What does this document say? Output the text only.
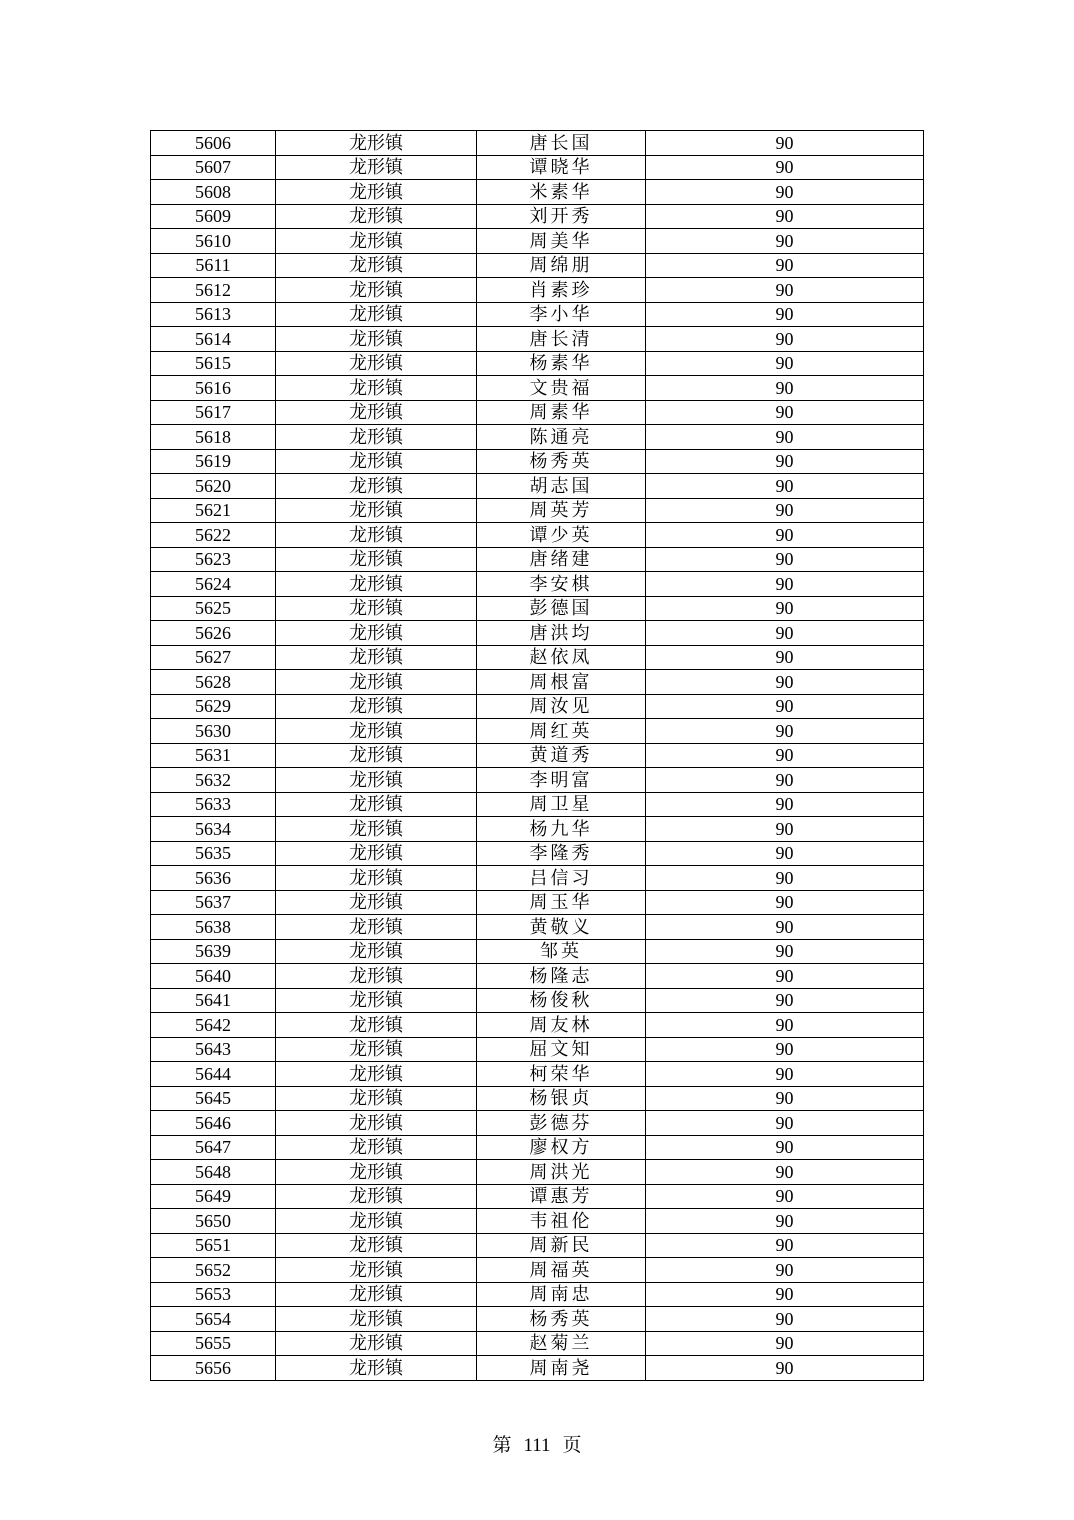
5606	龙形镇	唐长国	90
5607	龙形镇	谭晓华	90
5608	龙形镇	米素华	90
5609	龙形镇	刘开秀	90
5610	龙形镇	周美华	90
5611	龙形镇	周绵朋	90
5612	龙形镇	肖素珍	90
5613	龙形镇	李小华	90
5614	龙形镇	唐长清	90
5615	龙形镇	杨素华	90
5616	龙形镇	文贵福	90
5617	龙形镇	周素华	90
5618	龙形镇	陈通亮	90
5619	龙形镇	杨秀英	90
5620	龙形镇	胡志国	90
5621	龙形镇	周英芳	90
5622	龙形镇	谭少英	90
5623	龙形镇	唐绪建	90
5624	龙形镇	李安棋	90
5625	龙形镇	彭德国	90
5626	龙形镇	唐洪均	90
5627	龙形镇	赵依凤	90
5628	龙形镇	周根富	90
5629	龙形镇	周汝见	90
5630	龙形镇	周红英	90
5631	龙形镇	黄道秀	90
5632	龙形镇	李明富	90
5633	龙形镇	周卫星	90
5634	龙形镇	杨九华	90
5635	龙形镇	李隆秀	90
5636	龙形镇	吕信习	90
5637	龙形镇	周玉华	90
5638	龙形镇	黄敬义	90
5639	龙形镇	邹英	90
5640	龙形镇	杨隆志	90
5641	龙形镇	杨俊秋	90
5642	龙形镇	周友林	90
5643	龙形镇	屈文知	90
5644	龙形镇	柯荣华	90
5645	龙形镇	杨银贞	90
5646	龙形镇	彭德芬	90
5647	龙形镇	廖权方	90
5648	龙形镇	周洪光	90
5649	龙形镇	谭惠芳	90
5650	龙形镇	韦祖伦	90
5651	龙形镇	周新民	90
5652	龙形镇	周福英	90
5653	龙形镇	周南忠	90
5654	龙形镇	杨秀英	90
5655	龙形镇	赵菊兰	90
5656	龙形镇	周南尧	90
第 111 页
